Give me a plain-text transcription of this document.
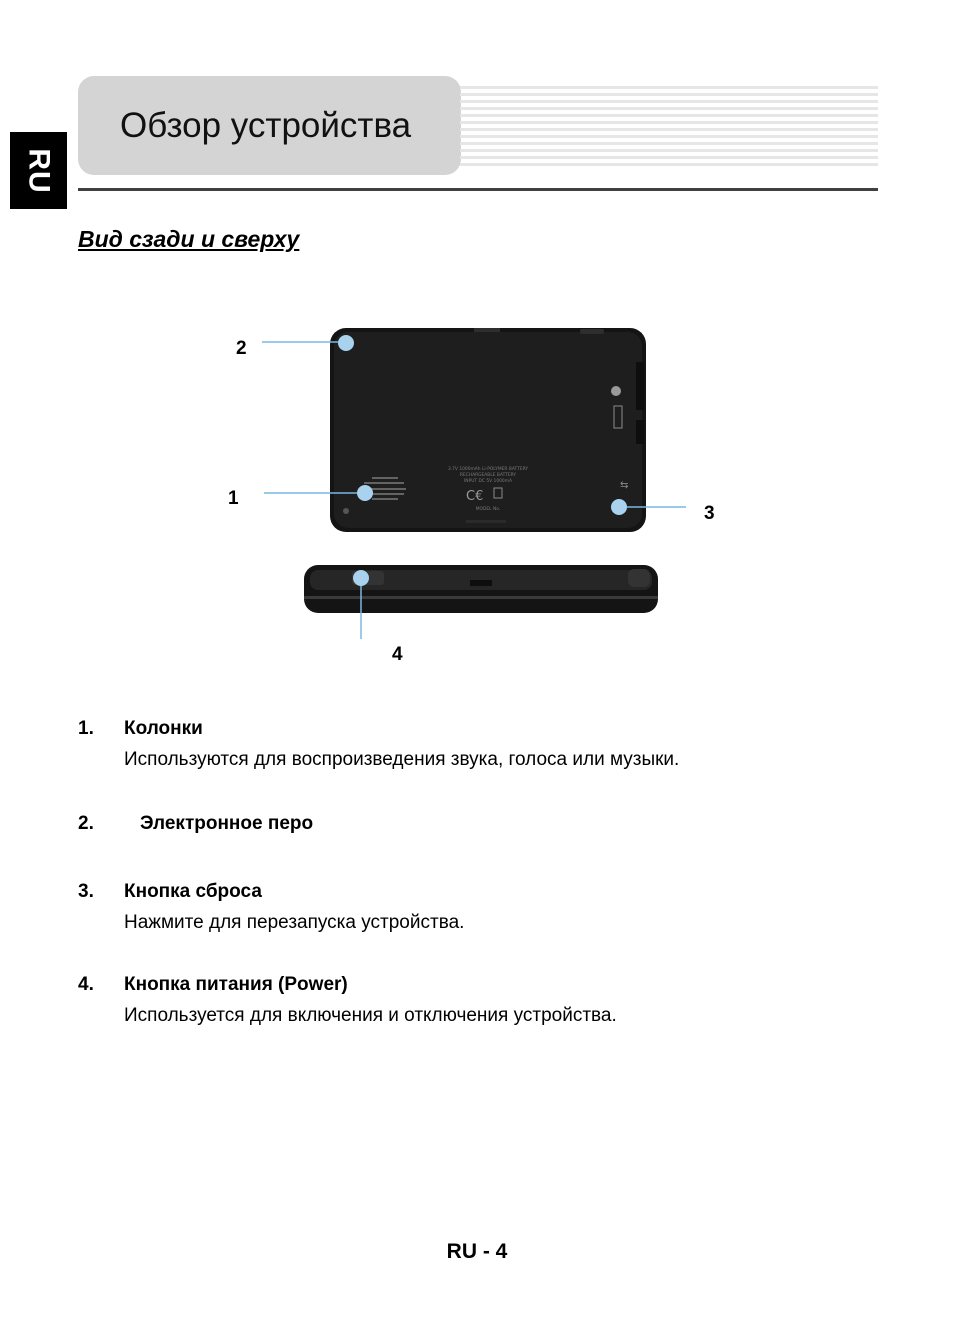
RU
Обзор устройства
Вид сзади и сверху
⇆
3.7V 1000mAh Li-POLYMER BATTERY
RECHARGEABLE BATTERY
INPUT DC 5V 1000mA
MODEL No.
C€
2
1
3
4
1. Колонки
Используются для воспроизведения звука, голоса или музыки.
2. Электронное перо
3. Кнопка сброса
Нажмите для перезапуска устройства.
4. Кнопка питания (Power)
Используется для включения и отключения устройства.
RU - 4
